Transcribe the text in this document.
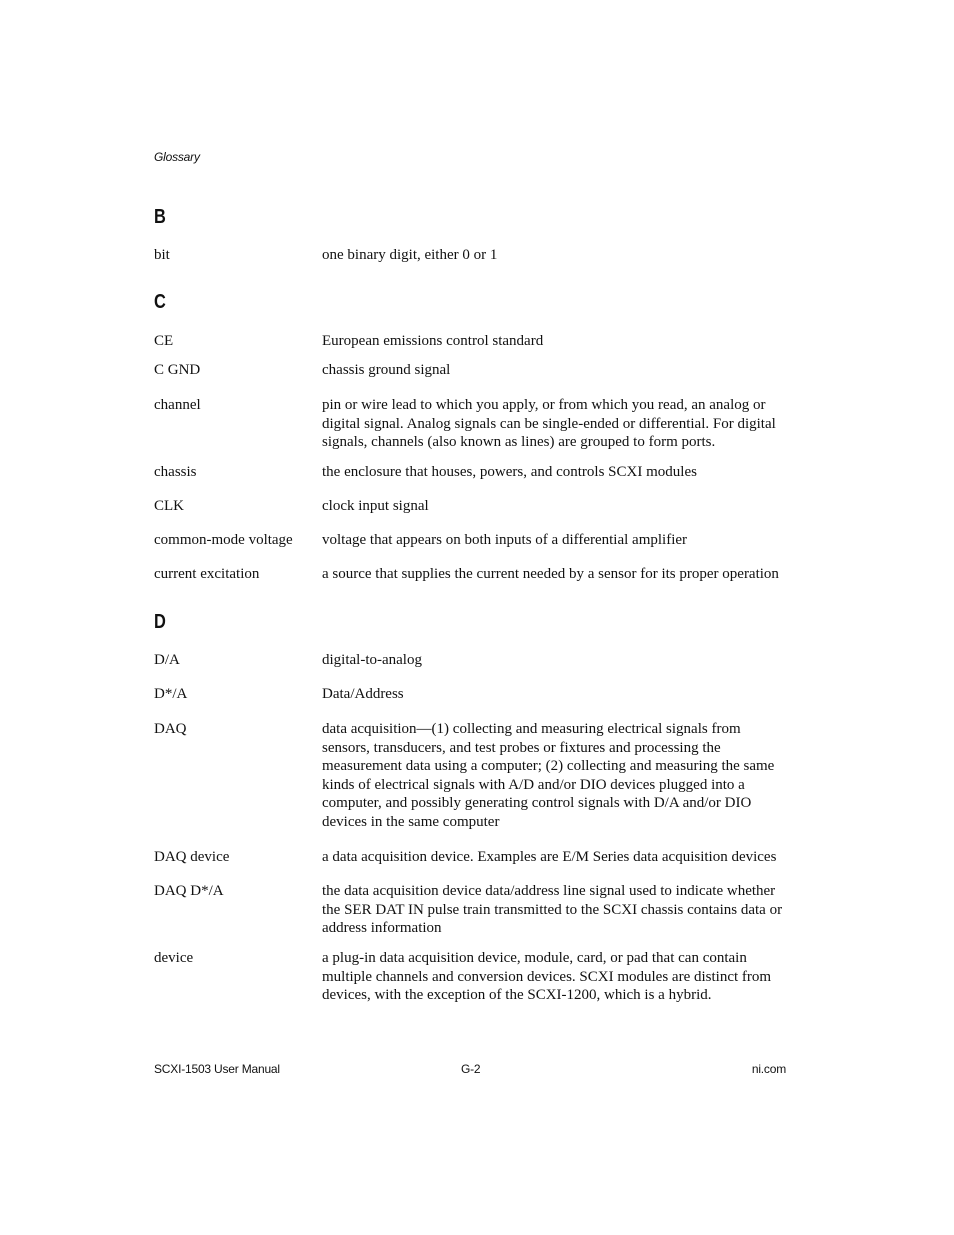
Glossary
B
bit	one binary digit, either 0 or 1
C
CE	European emissions control standard
C GND	chassis ground signal
channel	pin or wire lead to which you apply, or from which you read, an analog or digital signal. Analog signals can be single-ended or differential. For digital signals, channels (also known as lines) are grouped to form ports.
chassis	the enclosure that houses, powers, and controls SCXI modules
CLK	clock input signal
common-mode voltage	voltage that appears on both inputs of a differential amplifier
current excitation	a source that supplies the current needed by a sensor for its proper operation
D
D/A	digital-to-analog
D*/A	Data/Address
DAQ	data acquisition—(1) collecting and measuring electrical signals from sensors, transducers, and test probes or fixtures and processing the measurement data using a computer; (2) collecting and measuring the same kinds of electrical signals with A/D and/or DIO devices plugged into a computer, and possibly generating control signals with D/A and/or DIO devices in the same computer
DAQ device	a data acquisition device. Examples are E/M Series data acquisition devices
DAQ D*/A	the data acquisition device data/address line signal used to indicate whether the SER DAT IN pulse train transmitted to the SCXI chassis contains data or address information
device	a plug-in data acquisition device, module, card, or pad that can contain multiple channels and conversion devices. SCXI modules are distinct from devices, with the exception of the SCXI-1200, which is a hybrid.
SCXI-1503 User Manual	G-2	ni.com
